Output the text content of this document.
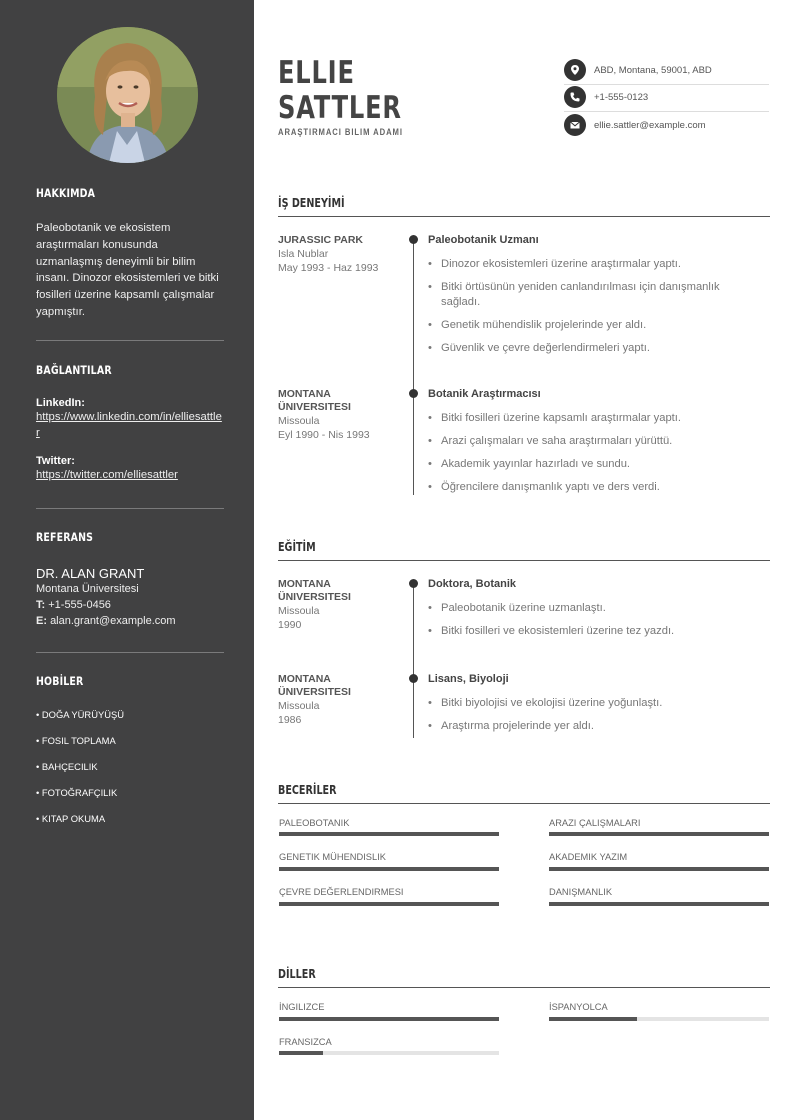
HAKKIMDA
Paleobotanik ve ekosistem araştırmaları konusunda uzmanlaşmış deneyimli bir bilim insanı. Dinozor ekosistemleri ve bitki fosilleri üzerine kapsamlı çalışmalar yapmıştır.
BAĞLANTILAR
LinkedIn:
https://www.linkedin.com/in/elliesattler
Twitter:
https://twitter.com/elliesattler
REFERANS
DR. ALAN GRANT
Montana Üniversitesi
T: +1-555-0456
E: alan.grant@example.com
HOBİLER
• DOĞA YÜRÜYÜŞÜ
• FOSIL TOPLAMA
• BAHÇECILIK
• FOTOĞRAFÇILIK
• KITAP OKUMA
ELLIE
SATTLER
ARAŞTIRMACI BILIM ADAMI
ABD, Montana, 59001, ABD
+1-555-0123
ellie.sattler@example.com
İŞ DENEYİMİ
JURASSIC PARK
Isla Nublar
May 1993 - Haz 1993
Paleobotanik Uzmanı
• Dinozor ekosistemleri üzerine araştırmalar yaptı.
• Bitki örtüsünün yeniden canlandırılması için danışmanlık sağladı.
• Genetik mühendislik projelerinde yer aldı.
• Güvenlik ve çevre değerlendirmeleri yaptı.
MONTANA ÜNIVERSITESI
Missoula
Eyl 1990 - Nis 1993
Botanik Araştırmacısı
• Bitki fosilleri üzerine kapsamlı araştırmalar yaptı.
• Arazi çalışmaları ve saha araştırmaları yürüttü.
• Akademik yayınlar hazırladı ve sundu.
• Öğrencilere danışmanlık yaptı ve ders verdi.
EĞİTİM
MONTANA ÜNIVERSITESI
Missoula
1990
Doktora, Botanik
• Paleobotanik üzerine uzmanlaştı.
• Bitki fosilleri ve ekosistemleri üzerine tez yazdı.
MONTANA ÜNIVERSITESI
Missoula
1986
Lisans, Biyoloji
• Bitki biyolojisi ve ekolojisi üzerine yoğunlaştı.
• Araştırma projelerinde yer aldı.
BECERİLER
PALEOBOTANIK	ARAZI ÇALIŞMALARI
GENETIK MÜHENDISLIK	AKADEMIK YAZIM
ÇEVRE DEĞERLENDIRMESI	DANIŞMANLIK
DİLLER
İNGILIZCE	İSPANYOLCA
FRANSIZCA
